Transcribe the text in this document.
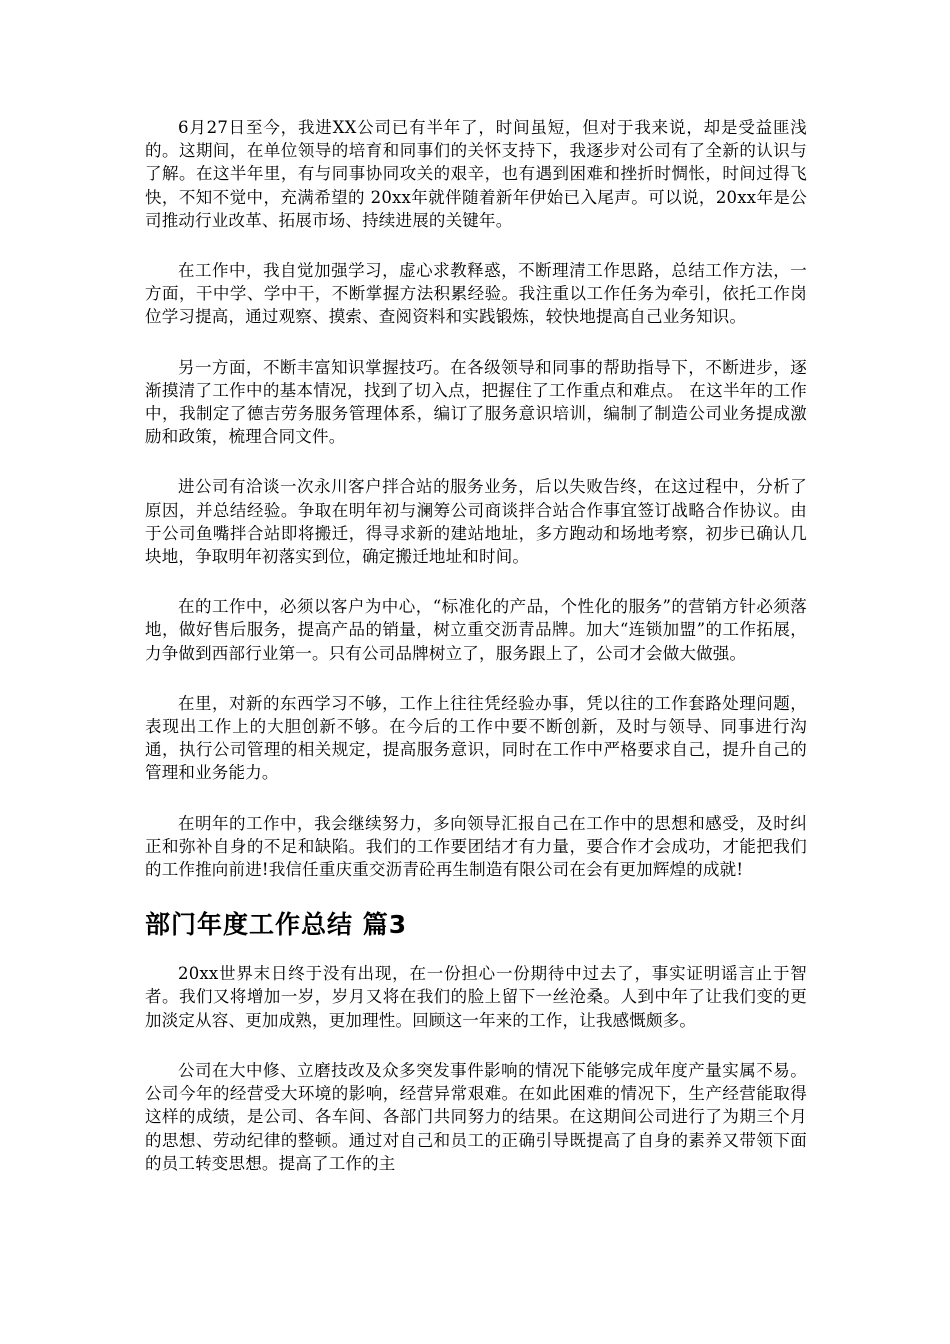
6月27日至今，我进XX公司已有半年了，时间虽短，但对于我来说，却是受益匪浅的。这期间，在单位领导的培育和同事们的关怀支持下，我逐步对公司有了全新的认识与了解。在这半年里，有与同事协同攻关的艰辛，也有遇到困难和挫折时惆怅，时间过得飞快，不知不觉中，充满希望的 20xx年就伴随着新年伊始已入尾声。可以说，20xx年是公司推动行业改革、拓展市场、持续进展的关键年。

在工作中，我自觉加强学习，虚心求教释惑，不断理清工作思路，总结工作方法，一方面，干中学、学中干，不断掌握方法积累经验。我注重以工作任务为牵引，依托工作岗位学习提高，通过观察、摸索、查阅资料和实践锻炼，较快地提高自己业务知识。

另一方面，不断丰富知识掌握技巧。在各级领导和同事的帮助指导下，不断进步，逐渐摸清了工作中的基本情况，找到了切入点，把握住了工作重点和难点。 在这半年的工作中，我制定了德吉劳务服务管理体系，编订了服务意识培训，编制了制造公司业务提成激励和政策，梳理合同文件。

进公司有洽谈一次永川客户拌合站的服务业务，后以失败告终，在这过程中，分析了原因，并总结经验。争取在明年初与澜筹公司商谈拌合站合作事宜签订战略合作协议。由于公司鱼嘴拌合站即将搬迁，得寻求新的建站地址，多方跑动和场地考察，初步已确认几块地，争取明年初落实到位，确定搬迁地址和时间。

在的工作中，必须以客户为中心，“标准化的产品，个性化的服务”的营销方针必须落地，做好售后服务，提高产品的销量，树立重交沥青品牌。加大“连锁加盟”的工作拓展，力争做到西部行业第一。只有公司品牌树立了，服务跟上了，公司才会做大做强。

在里，对新的东西学习不够，工作上往往凭经验办事，凭以往的工作套路处理问题，表现出工作上的大胆创新不够。在今后的工作中要不断创新，及时与领导、同事进行沟通，执行公司管理的相关规定，提高服务意识，同时在工作中严格要求自己，提升自己的管理和业务能力。

在明年的工作中，我会继续努力，多向领导汇报自己在工作中的思想和感受，及时纠正和弥补自身的不足和缺陷。我们的工作要团结才有力量，要合作才会成功，才能把我们的工作推向前进!我信任重庆重交沥青砼再生制造有限公司在会有更加辉煌的成就!

部门年度工作总结 篇3

20xx世界末日终于没有出现，在一份担心一份期待中过去了，事实证明谣言止于智者。我们又将增加一岁，岁月又将在我们的脸上留下一丝沧桑。人到中年了让我们变的更加淡定从容、更加成熟，更加理性。回顾这一年来的工作，让我感慨颇多。

公司在大中修、立磨技改及众多突发事件影响的情况下能够完成年度产量实属不易。公司今年的经营受大环境的影响，经营异常艰难。在如此困难的情况下，生产经营能取得这样的成绩，是公司、各车间、各部门共同努力的结果。在这期间公司进行了为期三个月的思想、劳动纪律的整顿。通过对自己和员工的正确引导既提高了自身的素养又带领下面的员工转变思想。提高了工作的主
